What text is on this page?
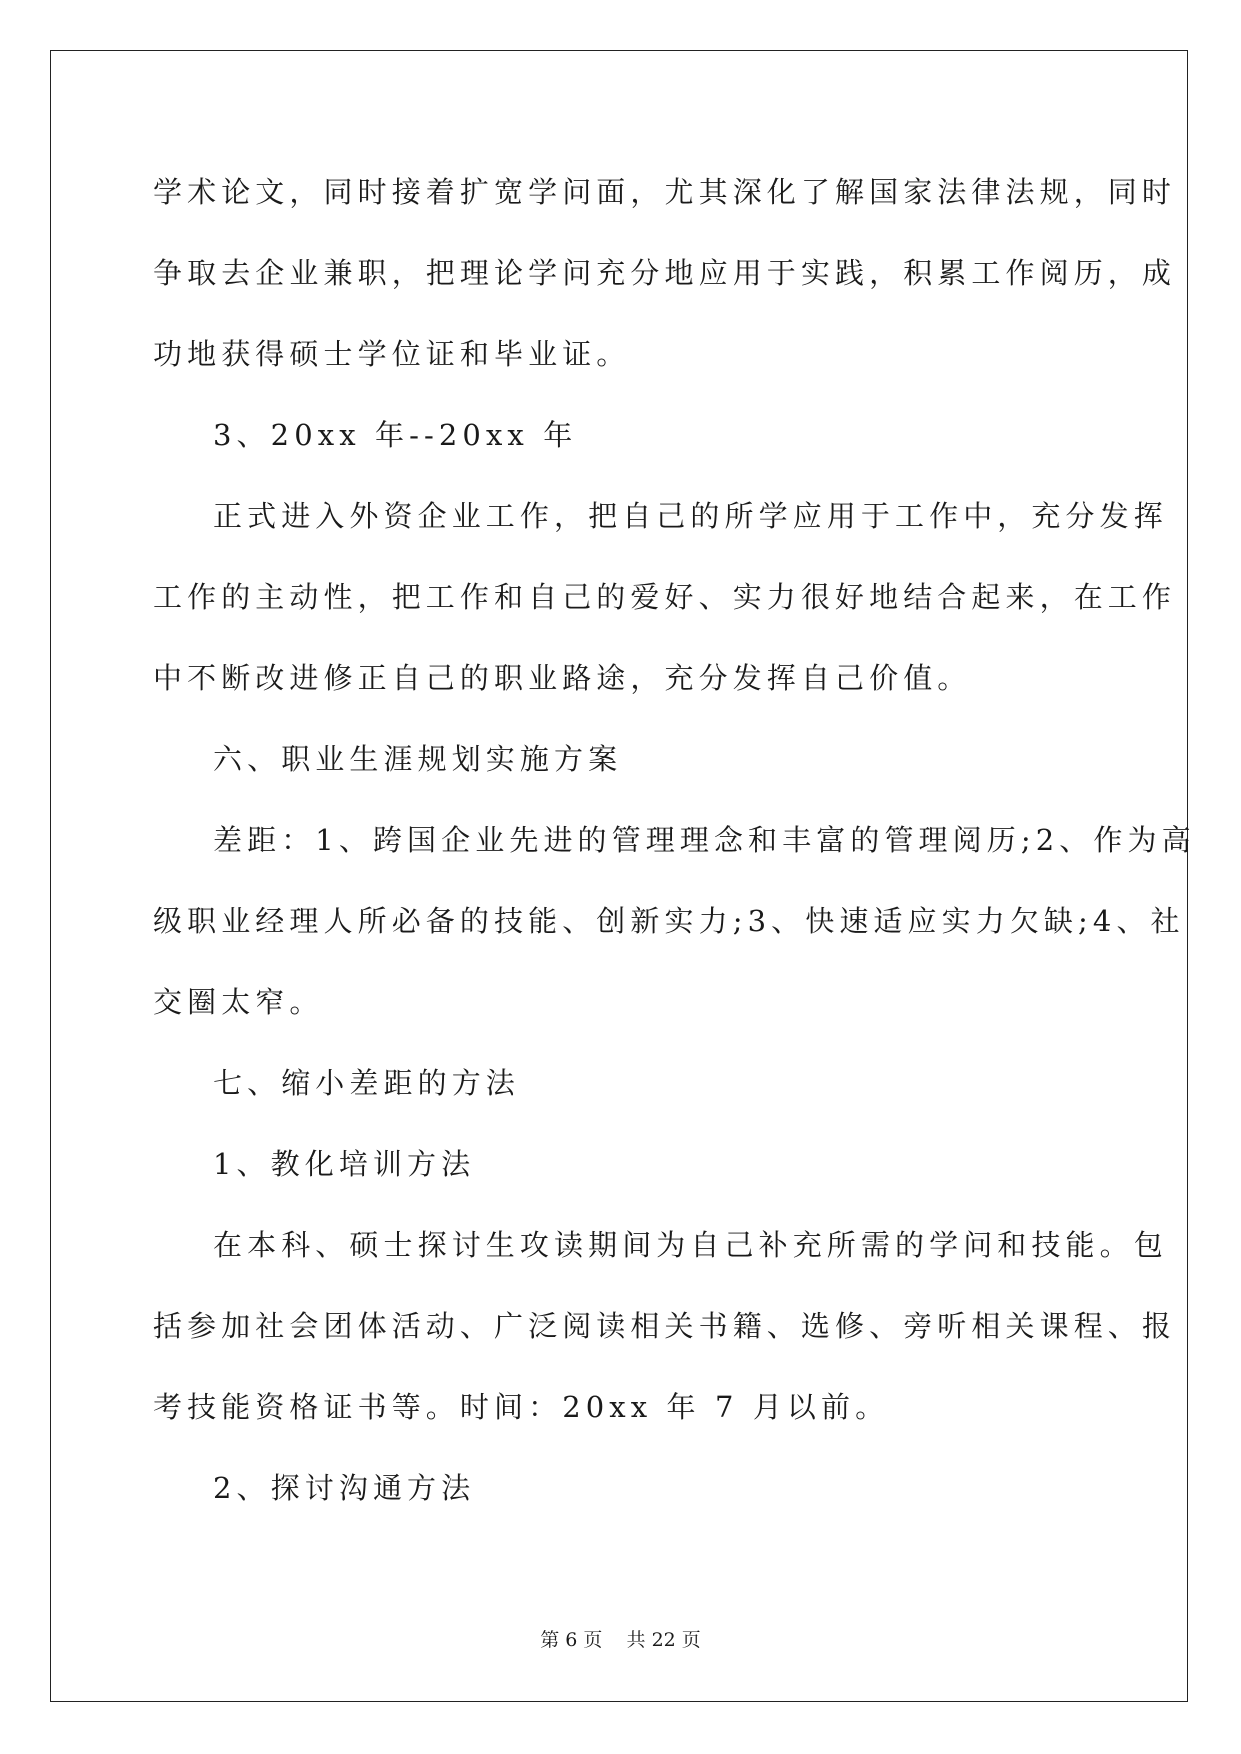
学术论文，同时接着扩宽学问面，尤其深化了解国家法律法规，同时
争取去企业兼职，把理论学问充分地应用于实践，积累工作阅历，成
功地获得硕士学位证和毕业证。
3、20xx 年--20xx 年
正式进入外资企业工作，把自己的所学应用于工作中，充分发挥
工作的主动性，把工作和自己的爱好、实力很好地结合起来，在工作
中不断改进修正自己的职业路途，充分发挥自己价值。
六、职业生涯规划实施方案
差距：1、跨国企业先进的管理理念和丰富的管理阅历;2、作为高
级职业经理人所必备的技能、创新实力;3、快速适应实力欠缺;4、社
交圈太窄。
七、缩小差距的方法
1、教化培训方法
在本科、硕士探讨生攻读期间为自己补充所需的学问和技能。包
括参加社会团体活动、广泛阅读相关书籍、选修、旁听相关课程、报
考技能资格证书等。时间：20xx 年 7 月以前。
2、探讨沟通方法
第 6 页 共 22 页
